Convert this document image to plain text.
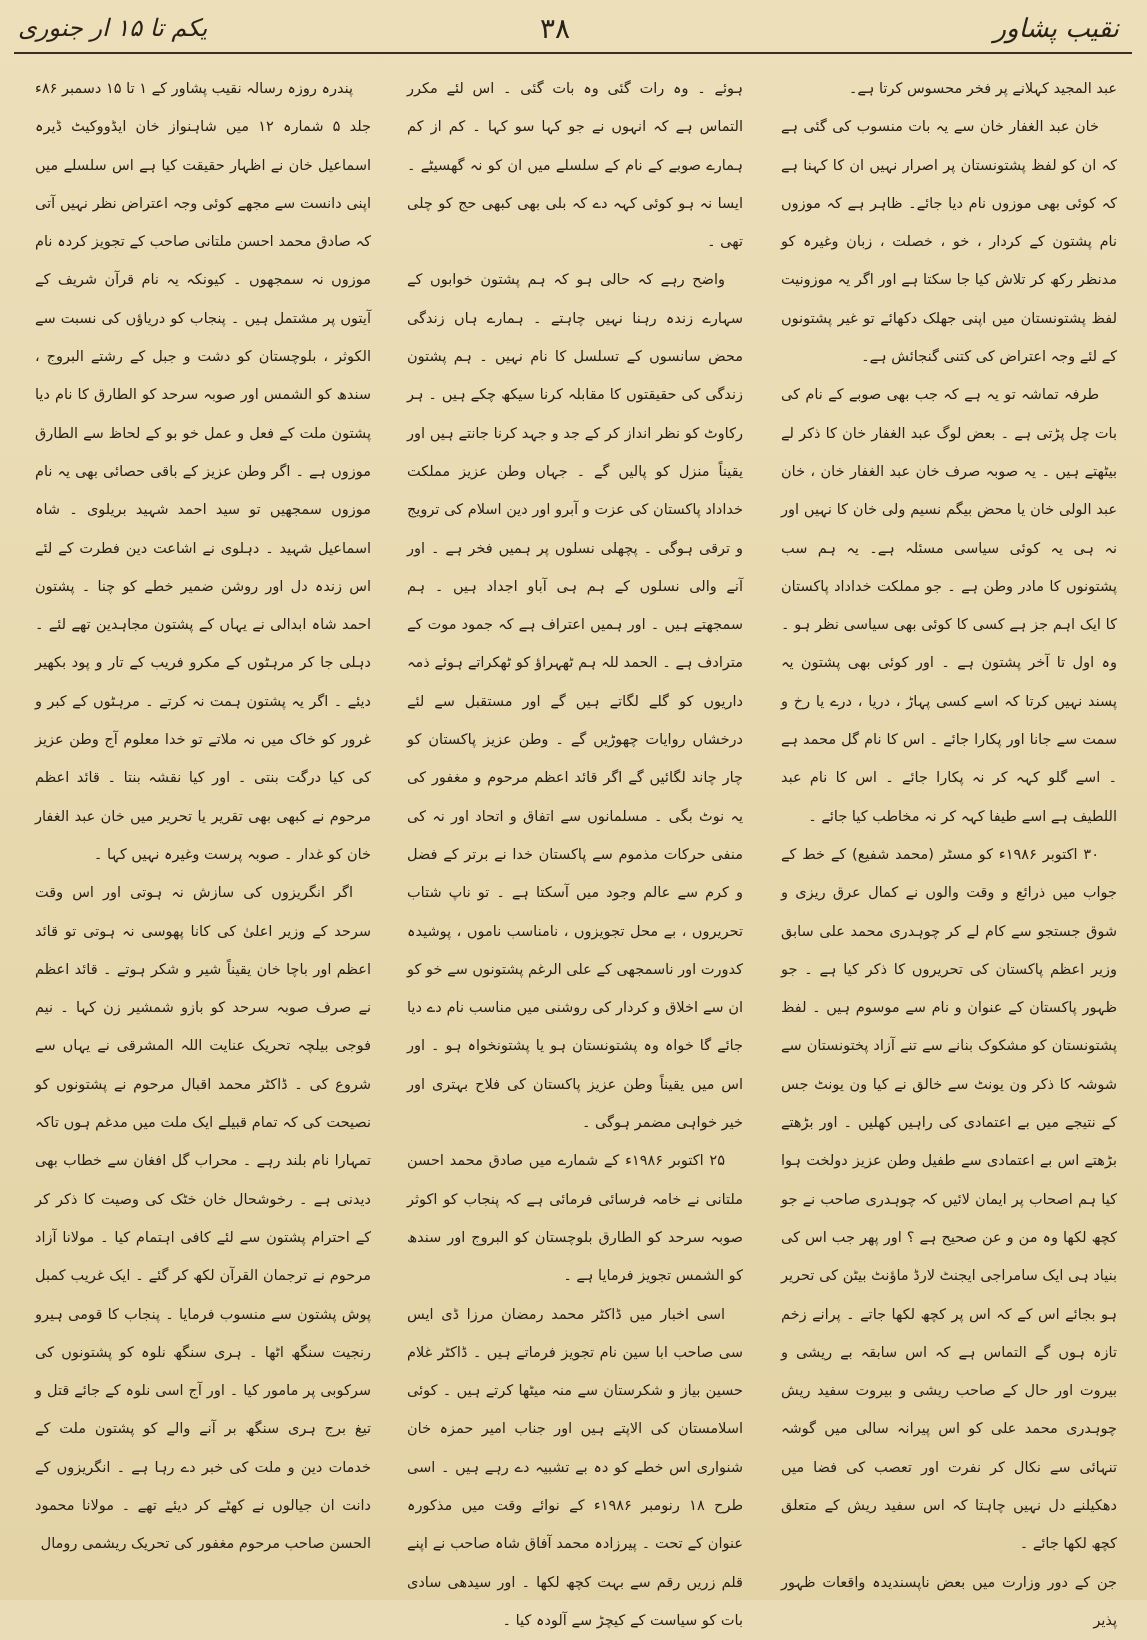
نقیب پشاور
۳۸
یکم تا ۱۵ ار جنوری

عبد المجید کہلانے پر فخر محسوس کرتا ہے۔

خان عبد الغفار خان سے یہ بات منسوب کی گئی ہے کہ ان کو لفظ پشتونستان پر اصرار نہیں ان کا کہنا ہے کہ کوئی بھی موزوں نام دیا جائے۔ ظاہر ہے کہ موزوں نام پشتون کے کردار ، خو ، خصلت ، زبان وغیرہ کو مدنظر رکھ کر تلاش کیا جا سکتا ہے اور اگر یہ موزونیت لفظ پشتونستان میں اپنی جھلک دکھائے تو غیر پشتونوں کے لئے وجہ اعتراض کی کتنی گنجائش ہے۔

طرفہ تماشہ تو یہ ہے کہ جب بھی صوبے کے نام کی بات چل پڑتی ہے ۔ بعض لوگ عبد الغفار خان کا ذکر لے بیٹھتے ہیں ۔ یہ صوبہ صرف خان عبد الغفار خان ، خان عبد الولی خان یا محض بیگم نسیم ولی خان کا نہیں اور نہ ہی یہ کوئی سیاسی مسئلہ ہے۔ یہ ہم سب پشتونوں کا مادر وطن ہے ۔ جو مملکت خداداد پاکستان کا ایک اہم جز ہے کسی کا کوئی بھی سیاسی نظر ہو ۔ وہ اول تا آخر پشتون ہے ۔ اور کوئی بھی پشتون یہ پسند نہیں کرتا کہ اسے کسی پہاڑ ، دریا ، درے یا رخ و سمت سے جانا اور پکارا جائے ۔ اس کا نام گل محمد ہے ۔ اسے گلو کہہ کر نہ پکارا جائے ۔ اس کا نام عبد اللطیف ہے اسے طیفا کہہ کر نہ مخاطب کیا جائے ۔

۳۰ اکتوبر ۱۹۸۶ء کو مسٹر (محمد شفیع) کے خط کے جواب میں ذرائع و وقت والوں نے کمال عرق ریزی و شوق جستجو سے کام لے کر چوہدری محمد علی سابق وزیر اعظم پاکستان کی تحریروں کا ذکر کیا ہے ۔ جو ظہور پاکستان کے عنوان و نام سے موسوم ہیں ۔ لفظ پشتونستان کو مشکوک بنانے سے تنے آزاد پختونستان سے شوشہ کا ذکر ون یونٹ سے خالق نے کیا ون یونٹ جس کے نتیجے میں بے اعتمادی کی راہیں کھلیں ۔ اور بڑھتے بڑھتے اس بے اعتمادی سے طفیل وطن عزیز دولخت ہوا کیا ہم اصحاب پر ایمان لائیں کہ چوہدری صاحب نے جو کچھ لکھا وہ من و عن صحیح ہے ؟ اور پھر جب اس کی بنیاد ہی ایک سامراجی ایجنٹ لارڈ ماؤنٹ بیٹن کی تحریر ہو بجائے اس کے کہ اس پر کچھ لکھا جاتے ۔ پرانے زخم تازہ ہوں گے التماس ہے کہ اس سابقہ بے ریشی و بیروت اور حال کے صاحب ریشی و بیروت سفید ریش چوہدری محمد علی کو اس پیرانہ سالی میں گوشہ تنہائی سے نکال کر نفرت اور تعصب کی فضا میں دھکیلنے دل نہیں چاہتا کہ اس سفید ریش کے متعلق کچھ لکھا جائے ۔

جن کے دور وزارت میں بعض ناپسندیدہ واقعات ظہور پذیر

ہوئے ۔ وہ رات گئی وہ بات گئی ۔ اس لئے مکرر التماس ہے کہ انہوں نے جو کہا سو کہا ۔ کم از کم ہمارے صوبے کے نام کے سلسلے میں ان کو نہ گھسیٹے ۔ ایسا نہ ہو کوئی کہہ دے کہ بلی بھی کبھی حج کو چلی تھی ۔

واضح رہے کہ حالی ہو کہ ہم پشتون خوابوں کے سہارے زندہ رہنا نہیں چاہتے ۔ ہمارے ہاں زندگی محض سانسوں کے تسلسل کا نام نہیں ۔ ہم پشتون زندگی کی حقیقتوں کا مقابلہ کرنا سیکھ چکے ہیں ۔ ہر رکاوٹ کو نظر انداز کر کے جد و جہد کرنا جانتے ہیں اور یقیناً منزل کو پالیں گے ۔ جہاں وطن عزیز مملکت خداداد پاکستان کی عزت و آبرو اور دین اسلام کی ترویج و ترقی ہوگی ۔ پچھلی نسلوں پر ہمیں فخر ہے ۔ اور آنے والی نسلوں کے ہم ہی آباو اجداد ہیں ۔ ہم سمجھتے ہیں ۔ اور ہمیں اعتراف ہے کہ جمود موت کے مترادف ہے ۔ الحمد للہ ہم ٹھہراؤ کو ٹھکراتے ہوئے ذمہ داریوں کو گلے لگاتے ہیں گے اور مستقبل سے لئے درخشاں روایات چھوڑیں گے ۔ وطن عزیز پاکستان کو چار چاند لگائیں گے اگر قائد اعظم مرحوم و مغفور کی یہ نوٹ بگی ۔ مسلمانوں سے اتفاق و اتحاد اور نہ کی منفی حرکات مذموم سے پاکستان خدا نے برتر کے فضل و کرم سے عالم وجود میں آسکتا ہے ۔ تو ناپ شتاب تحریروں ، بے محل تجویزوں ، نامناسب ناموں ، پوشیدہ کدورت اور ناسمجھی کے علی الرغم پشتونوں سے خو کو ان سے اخلاق و کردار کی روشنی میں مناسب نام دے دیا جائے گا خواہ وہ پشتونستان ہو یا پشتونخواہ ہو ۔ اور اس میں یقیناً وطن عزیز پاکستان کی فلاح بہتری اور خیر خواہی مضمر ہوگی ۔

۲۵ اکتوبر ۱۹۸۶ء کے شمارے میں صادق محمد احسن ملتانی نے خامہ فرسائی فرمائی ہے کہ پنجاب کو اکوثر صوبہ سرحد کو الطارق بلوچستان کو البروج اور سندھ کو الشمس تجویز فرمایا ہے ۔

اسی اخبار میں ڈاکٹر محمد رمضان مرزا ڈی ایس سی صاحب ابا سین نام تجویز فرماتے ہیں ۔ ڈاکٹر غلام حسین بیاز و شکرستان سے منہ میٹھا کرتے ہیں ۔ کوئی اسلامستان کی الاپتے ہیں اور جناب امیر حمزہ خان شنواری اس خطے کو دہ بے تشبیہ دے رہے ہیں ۔ اسی طرح ۱۸ رنومبر ۱۹۸۶ء کے نوائے وقت میں مذکورہ عنوان کے تحت ۔ پیرزادہ محمد آفاق شاہ صاحب نے اپنے قلم زریں رقم سے بہت کچھ لکھا ۔ اور سیدھی سادی بات کو سیاست کے کیچڑ سے آلودہ کیا ۔

پندرہ روزہ رسالہ نقیب پشاور کے ۱ تا ۱۵ دسمبر ۸۶ء جلد ۵ شمارہ ۱۲ میں شاہنواز خان ایڈووکیٹ ڈیرہ اسماعیل خان نے اظہار حقیقت کیا ہے اس سلسلے میں اپنی دانست سے مجھے کوئی وجہ اعتراض نظر نہیں آتی کہ صادق محمد احسن ملتانی صاحب کے تجویز کردہ نام موزوں نہ سمجھوں ۔ کیونکہ یہ نام قرآن شریف کے آیتوں پر مشتمل ہیں ۔ پنجاب کو دریاؤں کی نسبت سے الکوثر ، بلوچستان کو دشت و جبل کے رشتے البروج ، سندھ کو الشمس اور صوبہ سرحد کو الطارق کا نام دیا پشتون ملت کے فعل و عمل خو بو کے لحاظ سے الطارق موزوں ہے ۔ اگر وطن عزیز کے باقی حصائی بھی یہ نام موزوں سمجھیں تو سید احمد شہید بریلوی ۔ شاہ اسماعیل شہید ۔ دہلوی نے اشاعت دین فطرت کے لئے اس زندہ دل اور روشن ضمیر خطے کو چنا ۔ پشتون احمد شاہ ابدالی نے یہاں کے پشتون مجاہدین تھے لئے ۔ دہلی جا کر مرہٹوں کے مکرو فریب کے تار و پود بکھیر دیئے ۔ اگر یہ پشتون ہمت نہ کرتے ۔ مرہٹوں کے کبر و غرور کو خاک میں نہ ملاتے تو خدا معلوم آج وطن عزیز کی کیا درگت بنتی ۔ اور کیا نقشہ بنتا ۔ قائد اعظم مرحوم نے کبھی بھی تقریر یا تحریر میں خان عبد الغفار خان کو غدار ۔ صوبہ پرست وغیرہ نہیں کہا ۔

اگر انگریزوں کی سازش نہ ہوتی اور اس وقت سرحد کے وزیر اعلیٰ کی کانا پھوسی نہ ہوتی تو قائد اعظم اور باچا خان یقیناً شیر و شکر ہوتے ۔ قائد اعظم نے صرف صوبہ سرحد کو بازو شمشیر زن کہا ۔ نیم فوجی بیلچہ تحریک عنایت اللہ المشرقی نے یہاں سے شروع کی ۔ ڈاکٹر محمد اقبال مرحوم نے پشتونوں کو نصیحت کی کہ تمام قبیلے ایک ملت میں مدغم ہوں تاکہ تمہارا نام بلند رہے ۔ محراب گل افغان سے خطاب بھی دیدنی ہے ۔ رخوشحال خان خٹک کی وصیت کا ذکر کر کے احترام پشتون سے لئے کافی اہتمام کیا ۔ مولانا آزاد مرحوم نے ترجمان القرآن لکھ کر گئے ۔ ایک غریب کمبل پوش پشتون سے منسوب فرمایا ۔ پنجاب کا قومی ہیرو رنجیت سنگھ اٹھا ۔ ہری سنگھ نلوہ کو پشتونوں کی سرکوبی پر مامور کیا ۔ اور آج اسی نلوہ کے جائے قتل و تیغ برج ہری سنگھ بر آنے والے کو پشتون ملت کے خدمات دین و ملت کی خبر دے رہا ہے ۔ انگریزوں کے دانت ان جیالوں نے کھٹے کر دیئے تھے ۔ مولانا محمود الحسن صاحب مرحوم مغفور کی تحریک ریشمی رومال
